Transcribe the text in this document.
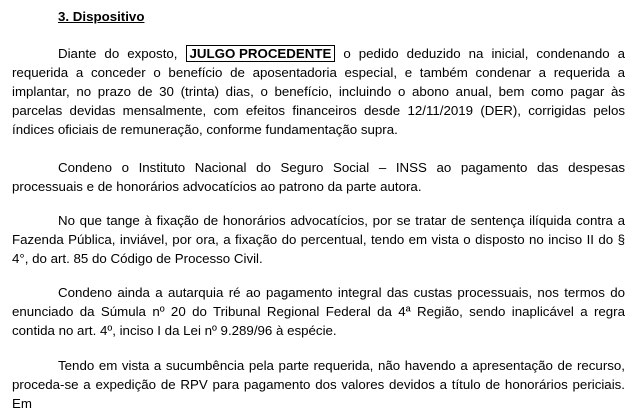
3. Dispositivo

Diante do exposto, JULGO PROCEDENTE o pedido deduzido na inicial, condenando a requerida a conceder o benefício de aposentadoria especial, e também condenar a requerida a implantar, no prazo de 30 (trinta) dias, o benefício, incluindo o abono anual, bem como pagar às parcelas devidas mensalmente, com efeitos financeiros desde 12/11/2019 (DER), corrigidas pelos índices oficiais de remuneração, conforme fundamentação supra.

Condeno o Instituto Nacional do Seguro Social – INSS ao pagamento das despesas processuais e de honorários advocatícios ao patrono da parte autora.

No que tange à fixação de honorários advocatícios, por se tratar de sentença ilíquida contra a Fazenda Pública, inviável, por ora, a fixação do percentual, tendo em vista o disposto no inciso II do § 4°, do art. 85 do Código de Processo Civil.

Condeno ainda a autarquia ré ao pagamento integral das custas processuais, nos termos do enunciado da Súmula nº 20 do Tribunal Regional Federal da 4ª Região, sendo inaplicável a regra contida no art. 4º, inciso I da Lei nº 9.289/96 à espécie.

Tendo em vista a sucumbência pela parte requerida, não havendo a apresentação de recurso, proceda-se a expedição de RPV para pagamento dos valores devidos a título de honorários periciais. Em
